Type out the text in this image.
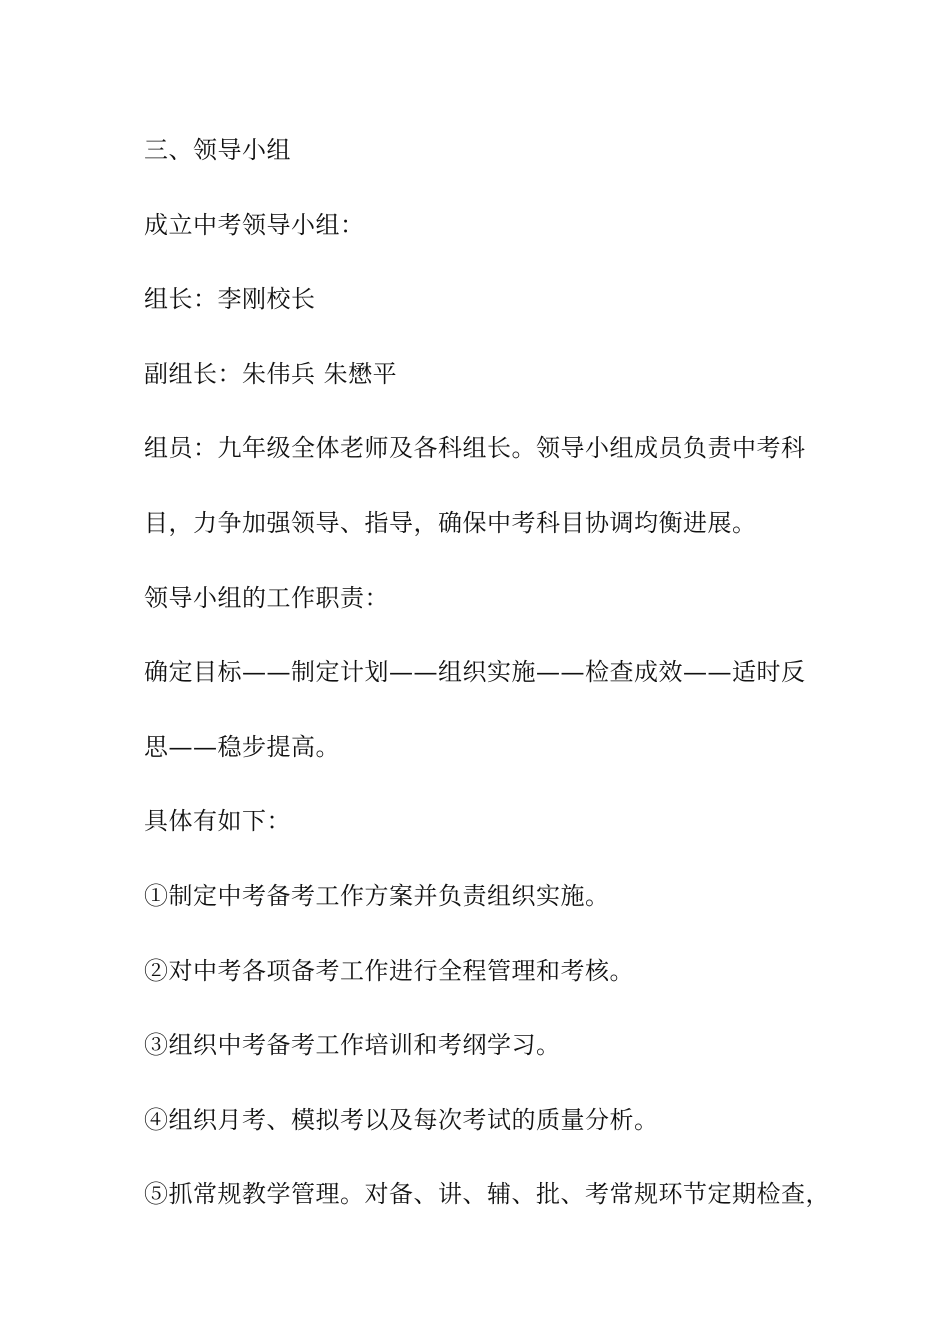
三、领导小组
成立中考领导小组：
组长：李刚校长
副组长：朱伟兵 朱懋平
组员：九年级全体老师及各科组长。领导小组成员负责中考科
目，力争加强领导、指导，确保中考科目协调均衡进展。
领导小组的工作职责：
确定目标——制定计划——组织实施——检查成效——适时反
思——稳步提高。
具体有如下：
①制定中考备考工作方案并负责组织实施。
②对中考各项备考工作进行全程管理和考核。
③组织中考备考工作培训和考纲学习。
④组织月考、模拟考以及每次考试的质量分析。
⑤抓常规教学管理。对备、讲、辅、批、考常规环节定期检查，
